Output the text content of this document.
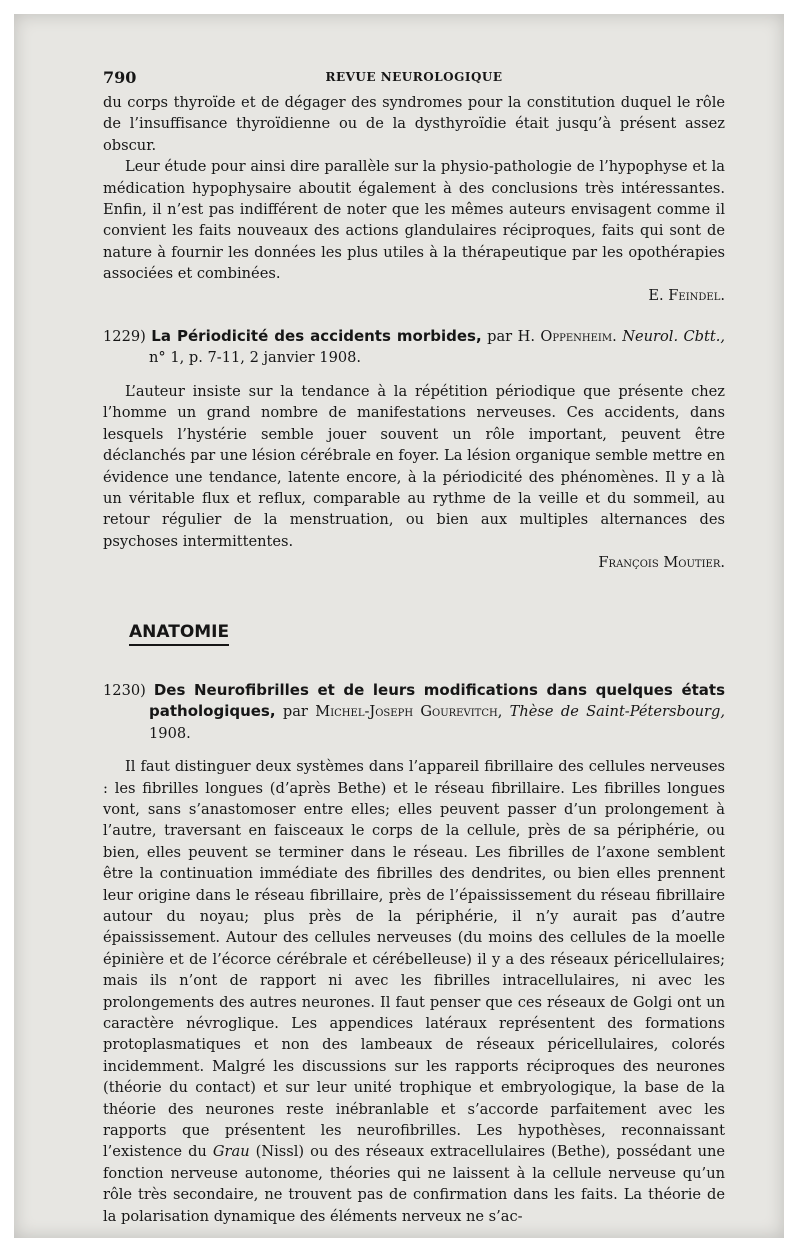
790	REVUE NEUROLOGIQUE

du corps thyroïde et de dégager des syndromes pour la constitution duquel le rôle de l’insuffisance thyroïdienne ou de la dysthyroïdie était jusqu’à présent assez obscur.

Leur étude pour ainsi dire parallèle sur la physio-pathologie de l’hypophyse et la médication hypophysaire aboutit également à des conclusions très intéressantes. Enfin, il n’est pas indifférent de noter que les mêmes auteurs envisagent comme il convient les faits nouveaux des actions glandulaires réciproques, faits qui sont de nature à fournir les données les plus utiles à la thérapeutique par les opothérapies associées et combinées.

E. Feindel.

1229) La Périodicité des accidents morbides, par H. Oppenheim. Neurol. Cbtt., n° 1, p. 7-11, 2 janvier 1908.

L’auteur insiste sur la tendance à la répétition périodique que présente chez l’homme un grand nombre de manifestations nerveuses. Ces accidents, dans lesquels l’hystérie semble jouer souvent un rôle important, peuvent être déclanchés par une lésion cérébrale en foyer. La lésion organique semble mettre en évidence une tendance, latente encore, à la périodicité des phénomènes. Il y a là un véritable flux et reflux, comparable au rythme de la veille et du sommeil, au retour régulier de la menstruation, ou bien aux multiples alternances des psychoses intermittentes.

François Moutier.

ANATOMIE

1230) Des Neurofibrilles et de leurs modifications dans quelques états pathologiques, par Michel-Joseph Gourevitch, Thèse de Saint-Pétersbourg, 1908.

Il faut distinguer deux systèmes dans l’appareil fibrillaire des cellules nerveuses : les fibrilles longues (d’après Bethe) et le réseau fibrillaire. Les fibrilles longues vont, sans s’anastomoser entre elles; elles peuvent passer d’un prolongement à l’autre, traversant en faisceaux le corps de la cellule, près de sa périphérie, ou bien, elles peuvent se terminer dans le réseau. Les fibrilles de l’axone semblent être la continuation immédiate des fibrilles des dendrites, ou bien elles prennent leur origine dans le réseau fibrillaire, près de l’épaississement du réseau fibrillaire autour du noyau; plus près de la périphérie, il n’y aurait pas d’autre épaississement. Autour des cellules nerveuses (du moins des cellules de la moelle épinière et de l’écorce cérébrale et cérébelleuse) il y a des réseaux péricellulaires; mais ils n’ont de rapport ni avec les fibrilles intracellulaires, ni avec les prolongements des autres neurones. Il faut penser que ces réseaux de Golgi ont un caractère névroglique. Les appendices latéraux représentent des formations protoplasmatiques et non des lambeaux de réseaux péricellulaires, colorés incidemment. Malgré les discussions sur les rapports réciproques des neurones (théorie du contact) et sur leur unité trophique et embryologique, la base de la théorie des neurones reste inébranlable et s’accorde parfaitement avec les rapports que présentent les neurofibrilles. Les hypothèses, reconnaissant l’existence du Grau (Nissl) ou des réseaux extracellulaires (Bethe), possédant une fonction nerveuse autonome, théories qui ne laissent à la cellule nerveuse qu’un rôle très secondaire, ne trouvent pas de confirmation dans les faits. La théorie de la polarisation dynamique des éléments nerveux ne s’ac-
